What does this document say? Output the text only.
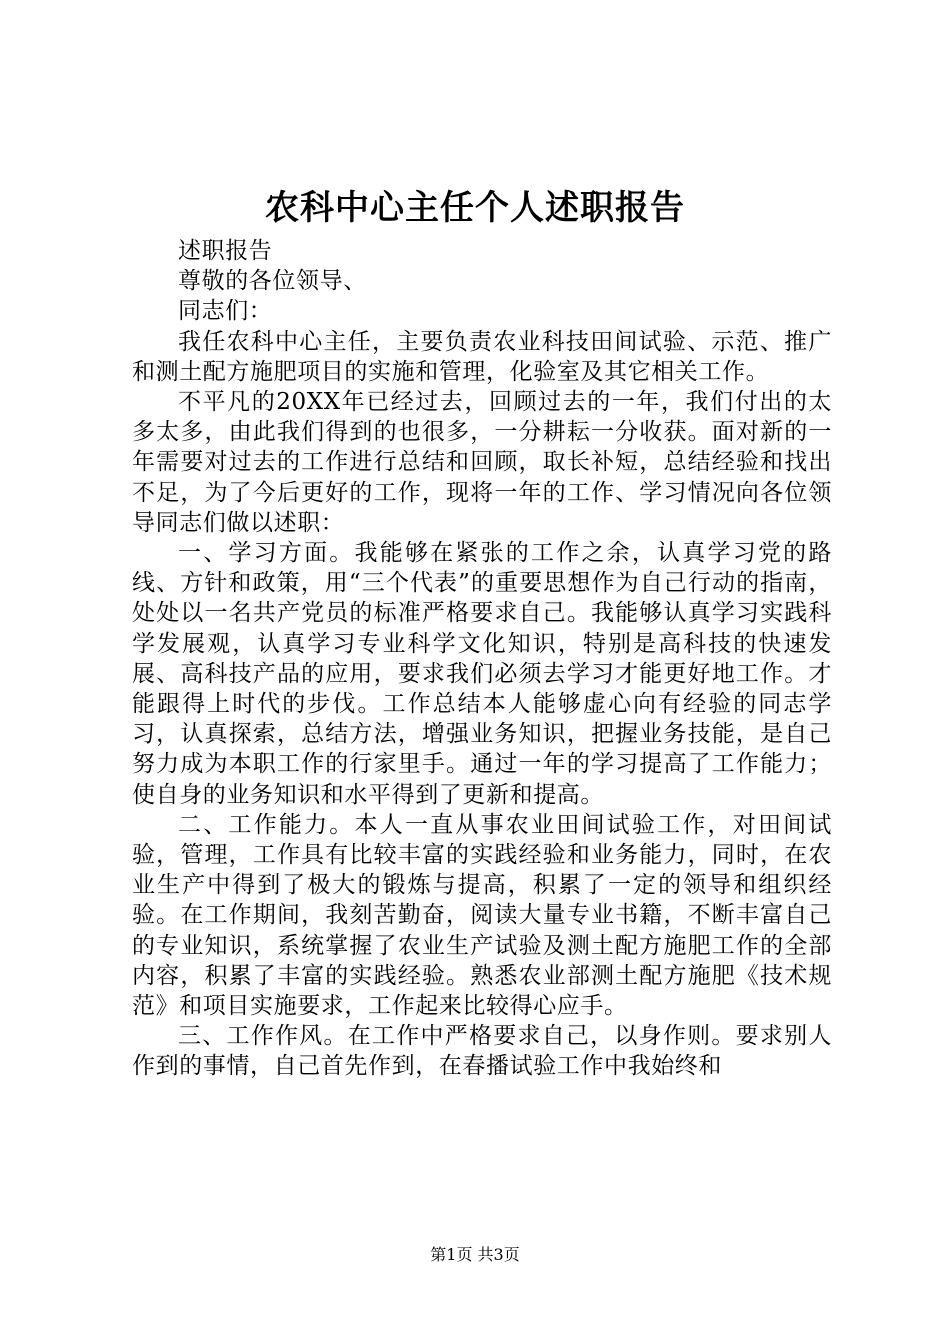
农科中心主任个人述职报告

述职报告

尊敬的各位领导、

同志们：

我任农科中心主任，主要负责农业科技田间试验、示范、推广和测土配方施肥项目的实施和管理，化验室及其它相关工作。

不平凡的20XX年已经过去，回顾过去的一年，我们付出的太多太多，由此我们得到的也很多，一分耕耘一分收获。面对新的一年需要对过去的工作进行总结和回顾，取长补短，总结经验和找出不足，为了今后更好的工作，现将一年的工作、学习情况向各位领导同志们做以述职：

一、学习方面。我能够在紧张的工作之余，认真学习党的路线、方针和政策，用“三个代表”的重要思想作为自己行动的指南，处处以一名共产党员的标准严格要求自己。我能够认真学习实践科学发展观，认真学习专业科学文化知识，特别是高科技的快速发展、高科技产品的应用，要求我们必须去学习才能更好地工作。才能跟得上时代的步伐。工作总结本人能够虚心向有经验的同志学习，认真探索，总结方法，增强业务知识，把握业务技能，是自己努力成为本职工作的行家里手。通过一年的学习提高了工作能力；使自身的业务知识和水平得到了更新和提高。

二、工作能力。本人一直从事农业田间试验工作，对田间试验，管理，工作具有比较丰富的实践经验和业务能力，同时，在农业生产中得到了极大的锻炼与提高，积累了一定的领导和组织经验。在工作期间，我刻苦勤奋，阅读大量专业书籍，不断丰富自己的专业知识，系统掌握了农业生产试验及测土配方施肥工作的全部内容，积累了丰富的实践经验。熟悉农业部测土配方施肥《技术规范》和项目实施要求，工作起来比较得心应手。

三、工作作风。在工作中严格要求自己，以身作则。要求别人作到的事情，自己首先作到，在春播试验工作中我始终和

第1页 共3页
